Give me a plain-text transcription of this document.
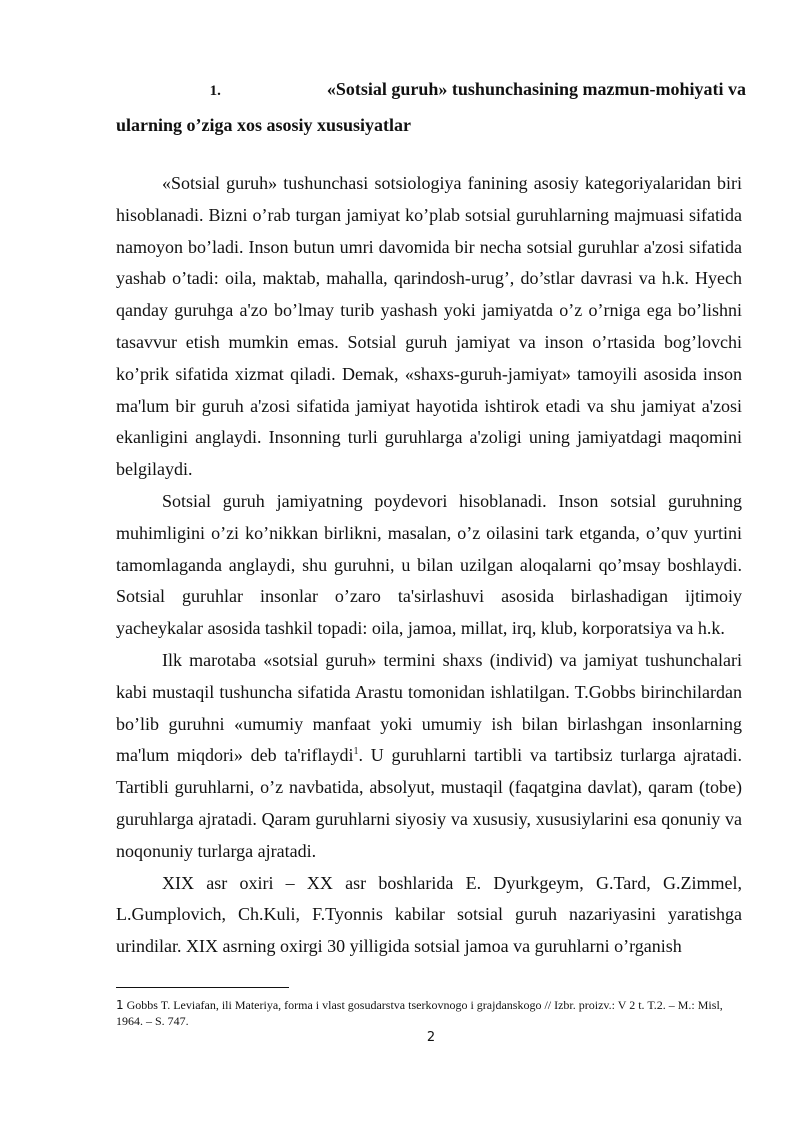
1.	«Sotsial guruh» tushunchasining mazmun-mohiyati va
ularning o’ziga xos asosiy xususiyatlar

«Sotsial guruh» tushunchasi sotsiologiya fanining asosiy kategoriyalaridan biri hisoblanadi. Bizni o’rab turgan jamiyat ko’plab sotsial guruhlarning majmuasi sifatida namoyon bo’ladi. Inson butun umri davomida bir necha sotsial guruhlar a'zosi sifatida yashab o’tadi: oila, maktab, mahalla, qarindosh-urug’, do’stlar davrasi va h.k. Hyech qanday guruhga a'zo bo’lmay turib yashash yoki jamiyatda o’z o’rniga ega bo’lishni tasavvur etish mumkin emas. Sotsial guruh jamiyat va inson o’rtasida bog’lovchi ko’prik sifatida xizmat qiladi. Demak, «shaxs-guruh-jamiyat» tamoyili asosida inson ma'lum bir guruh a'zosi sifatida jamiyat hayotida ishtirok etadi va shu jamiyat a'zosi ekanligini anglaydi. Insonning turli guruhlarga a'zoligi uning jamiyatdagi maqomini belgilaydi.

Sotsial guruh jamiyatning poydevori hisoblanadi. Inson sotsial guruhning muhimligini o’zi ko’nikkan birlikni, masalan, o’z oilasini tark etganda, o’quv yurtini tamomlaganda anglaydi, shu guruhni, u bilan uzilgan aloqalarni qo’msay boshlaydi. Sotsial guruhlar insonlar o’zaro ta'sirlashuvi asosida birlashadigan ijtimoiy yacheykalar asosida tashkil topadi: oila, jamoa, millat, irq, klub, korporatsiya va h.k.

Ilk marotaba «sotsial guruh» termini shaxs (individ) va jamiyat tushunchalari kabi mustaqil tushuncha sifatida Arastu tomonidan ishlatilgan. T.Gobbs birinchilardan bo’lib guruhni «umumiy manfaat yoki umumiy ish bilan birlashgan insonlarning ma'lum miqdori» deb ta'riflaydi$^1$. U guruhlarni tartibli va tartibsiz turlarga ajratadi. Tartibli guruhlarni, o’z navbatida, absolyut, mustaqil (faqatgina davlat), qaram (tobe) guruhlarga ajratadi. Qaram guruhlarni siyosiy va xususiy, xususiylarini esa qonuniy va noqonuniy turlarga ajratadi.

XIX asr oxiri – XX asr boshlarida E. Dyurkgeym, G.Tard, G.Zimmel, L.Gumplovich, Ch.Kuli, F.Tyonnis kabilar sotsial guruh nazariyasini yaratishga urindilar. XIX asrning oxirgi 30 yilligida sotsial jamoa va guruhlarni o’rganish

1 Gobbs T. Leviafan, ili Materiya, forma i vlast gosudarstva tserkovnogo i grajdanskogo // Izbr. proizv.: V 2 t. T.2. – M.: Misl, 1964. – S. 747.
2
